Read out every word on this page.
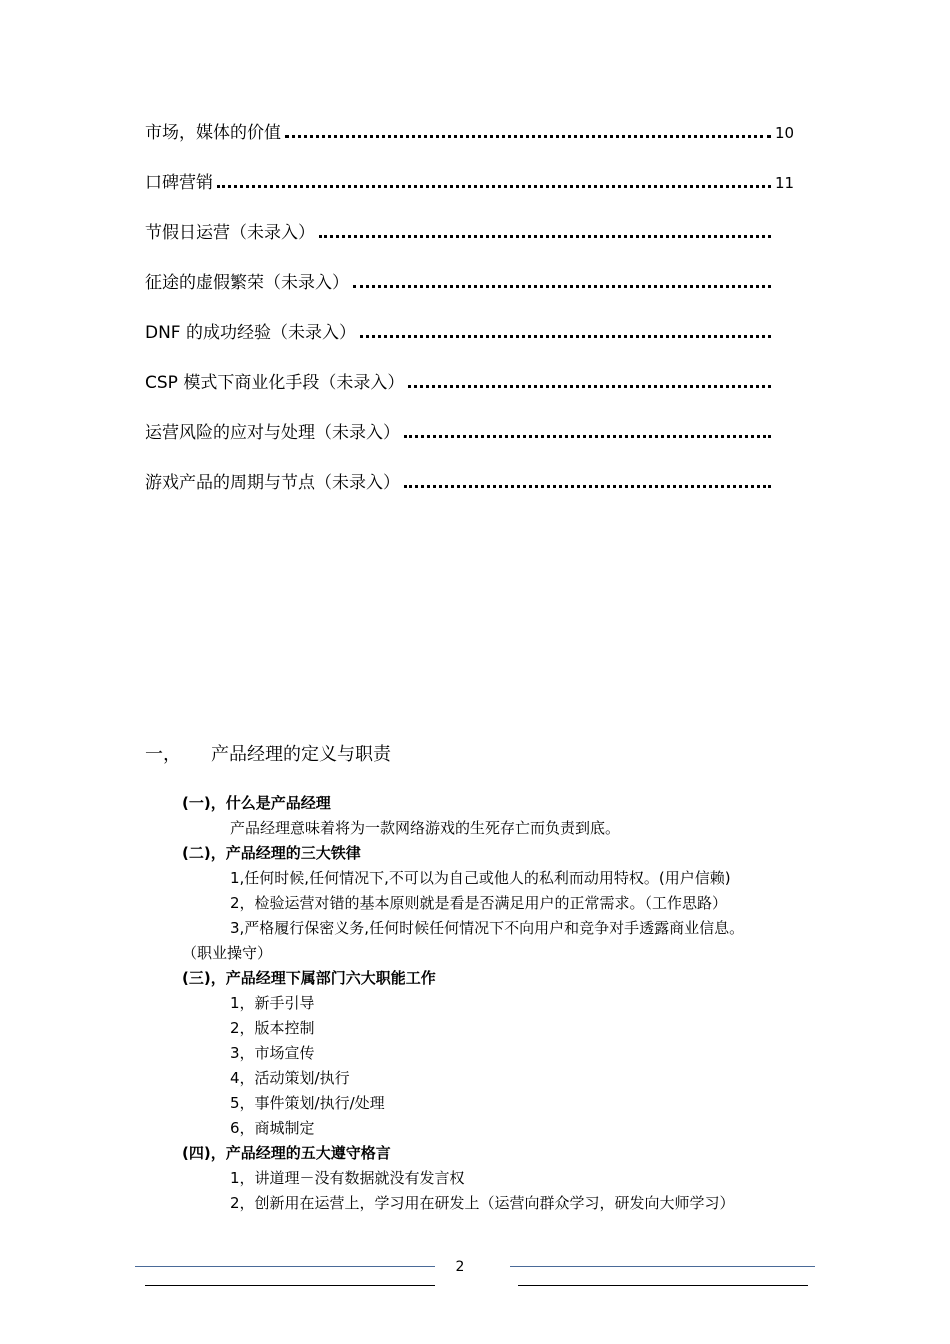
市场，媒体的价值	10
口碑营销	11
节假日运营（未录入）
征途的虚假繁荣（未录入）
DNF 的成功经验（未录入）
CSP 模式下商业化手段（未录入）
运营风险的应对与处理（未录入）
游戏产品的周期与节点（未录入）
一， 产品经理的定义与职责
(一)，什么是产品经理
产品经理意味着将为一款网络游戏的生死存亡而负责到底。
(二)，产品经理的三大铁律
1,任何时候,任何情况下,不可以为自己或他人的私利而动用特权。(用户信赖)
2，检验运营对错的基本原则就是看是否满足用户的正常需求。（工作思路）
3,严格履行保密义务,任何时候任何情况下不向用户和竞争对手透露商业信息。
（职业操守）
(三)，产品经理下属部门六大职能工作
1，新手引导
2，版本控制
3，市场宣传
4，活动策划/执行
5，事件策划/执行/处理
6，商城制定
(四)，产品经理的五大遵守格言
1，讲道理－没有数据就没有发言权
2，创新用在运营上，学习用在研发上（运营向群众学习，研发向大师学习）
2
